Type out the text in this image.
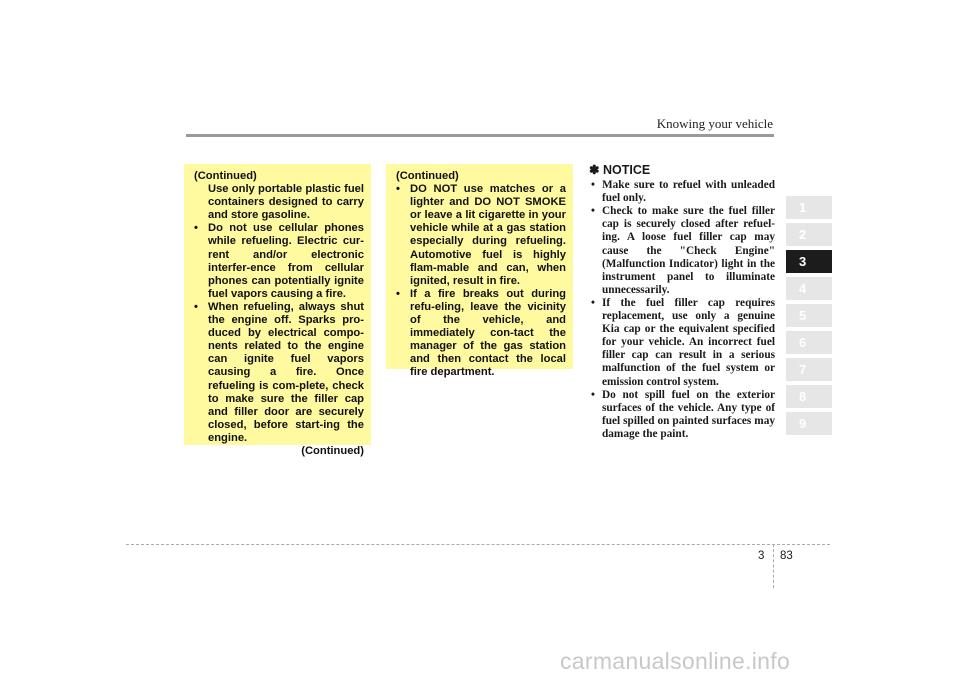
Knowing your vehicle

(Continued)

Use only portable plastic fuel containers designed to carry and store gasoline.

• Do not use cellular phones while refueling. Electric cur-rent and/or electronic interfer-ence from cellular phones can potentially ignite fuel vapors causing a fire.
• When refueling, always shut the engine off. Sparks pro-duced by electrical compo-nents related to the engine can ignite fuel vapors causing a fire. Once refueling is com-plete, check to make sure the filler cap and filler door are securely closed, before start-ing the engine.

(Continued)

(Continued)

• DO NOT use matches or a lighter and DO NOT SMOKE or leave a lit cigarette in your vehicle while at a gas station especially during refueling. Automotive fuel is highly flam-mable and can, when ignited, result in fire.
• If a fire breaks out during refu-eling, leave the vicinity of the vehicle, and immediately con-tact the manager of the gas station and then contact the local fire department.
✽ NOTICE
• Make sure to refuel with unleaded fuel only.
• Check to make sure the fuel filler cap is securely closed after refuel-ing. A loose fuel filler cap may cause the "Check Engine" (Malfunction Indicator) light in the instrument panel to illuminate unnecessarily.
• If the fuel filler cap requires replacement, use only a genuine Kia cap or the equivalent specified for your vehicle. An incorrect fuel filler cap can result in a serious malfunction of the fuel system or emission control system.
• Do not spill fuel on the exterior surfaces of the vehicle. Any type of fuel spilled on painted surfaces may damage the paint.
1
2
3
4
5
6
7
8
9
3 83
carmanualsonline.info
